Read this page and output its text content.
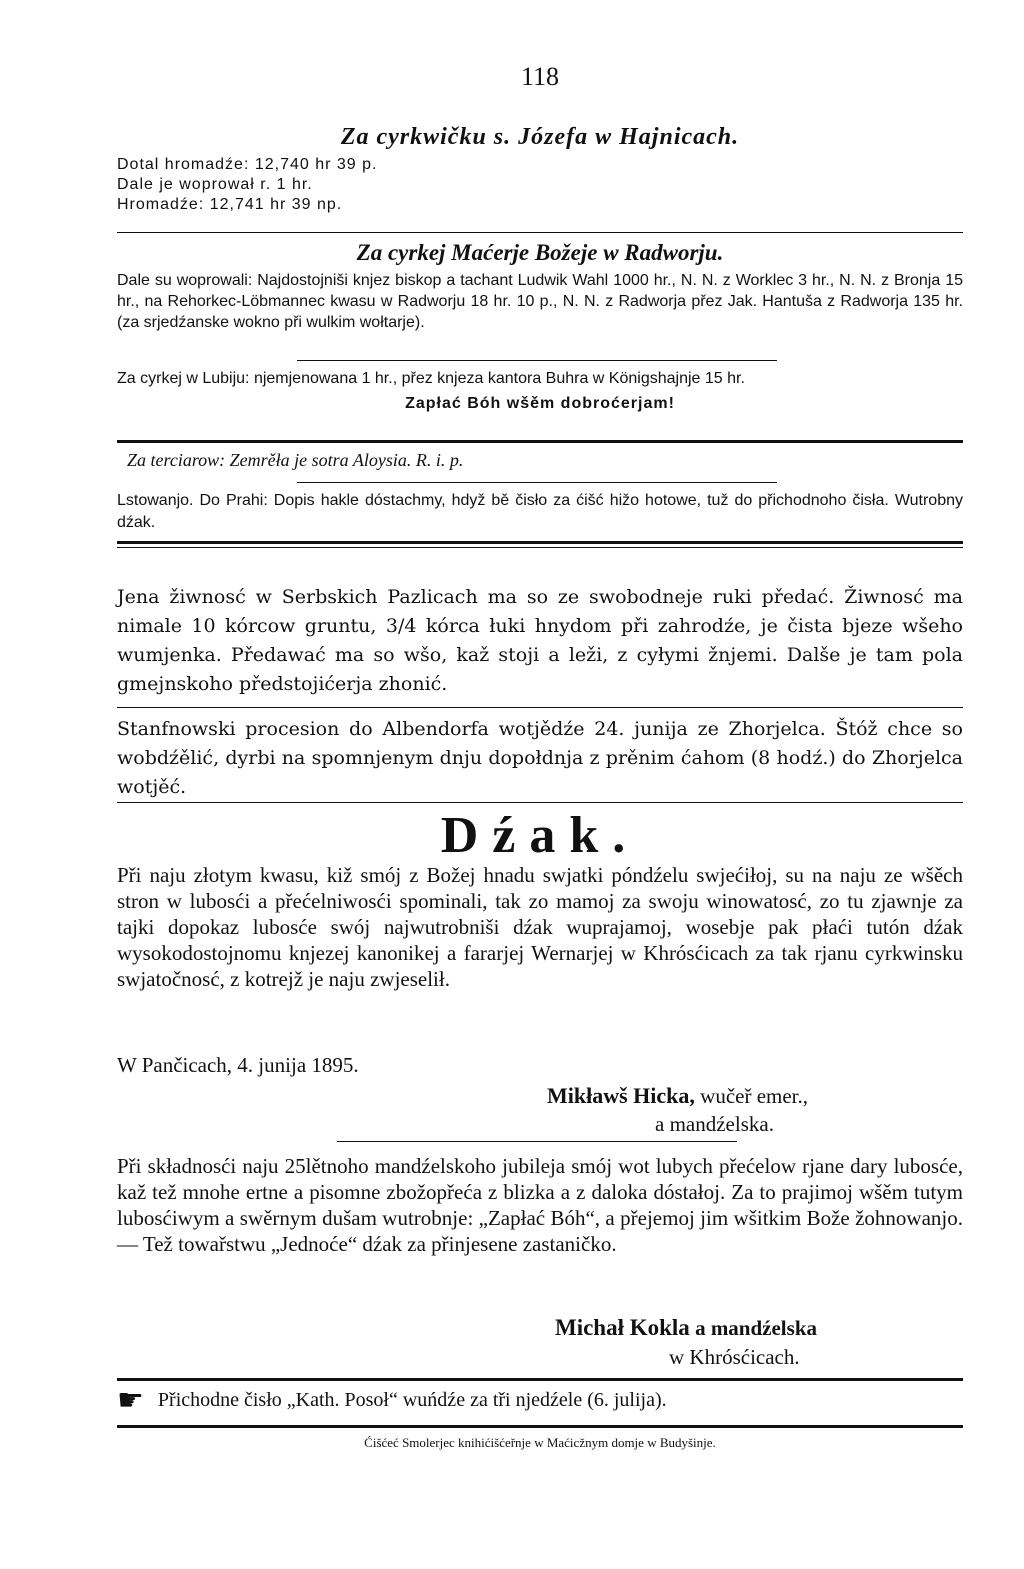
118
Za cyrkwičku s. Józefa w Hajnicach.
Dotal hromadźe: 12,740 hr 39 p.
Dale je woprował r. 1 hr.
Hromadźe: 12,741 hr 39 np.
Za cyrkej Maćerje Božeje w Radworju.
Dale su woprowali: Najdostojniši knjez biskop a tachant Ludwik Wahl 1000 hr., N. N. z Worklec 3 hr., N. N. z Bronja 15 hr., na Rehorkec-Löbmannec kwasu w Radworju 18 hr. 10 p., N. N. z Radworja přez Jak. Hantuša z Radworja 135 hr. (za srjedźanske wokno při wulkim wołtarje).
Za cyrkej w Lubiju: njemjenowana 1 hr., přez knjeza kantora Buhra w Königshajnje 15 hr.
Zapłać Bóh wšěm dobroćerjam!
Za terciarow: Zemrěła je sotra Aloysia. R. i. p.
Lstowanjo. Do Prahi: Dopis hakle dóstachmy, hdyž bě čisło za ćišć hižo hotowe, tuž do přichodnoho čisła. Wutrobny dźak.
Jena žiwnosć w Serbskich Pazlicach ma so ze swobodneje ruki předać. Žiwnosć ma nimale 10 kórcow gruntu, 3/4 kórca łuki hnydom při zahrodźe, je čista bjeze wšeho wumjenka. Předawać ma so wšo, kaž stoji a leži, z cyłymi žnjemi. Dalše je tam pola gmejnskoho předstojićerja zhonić.
Stanfnowski procesion do Albendorfa wotjědźe 24. junija ze Zhorjelca. Štóž chce so wobdźělić, dyrbi na spomnjenym dnju dopołdnja z prěnim ćahom (8 hodź.) do Zhorjelca wotjěć.
Dźak.
Při naju złotym kwasu, kiž smój z Božej hnadu swjatki póndźelu swjećiłoj, su na naju ze wšěch stron w lubosći a přećelniwosći spominali, tak zo mamoj za swoju winowatosć, zo tu zjawnje za tajki dopokaz lubosće swój najwutrobniši dźak wuprajamoj, wosebje pak płaći tutón dźak wysokodostojnomu knjezej kanonikej a fararjej Wernarjej w Khrósćicach za tak rjanu cyrkwinsku swjatočnosć, z kotrejž je naju zwjeselił.
W Pančicach, 4. junija 1895.
Mikławš Hicka, wučeř emer.,
a mandźelska.
Při składnosći naju 25lětnoho mandźelskoho jubileja smój wot lubych přećelow rjane dary lubosće, kaž tež mnohe ertne a pisomne zbožopřeća z blizka a z daloka dóstałoj. Za to prajimoj wšěm tutym lubosćiwym a swěrnym dušam wutrobnje: „Zapłać Bóh“, a přejemoj jim wšitkim Bože žohnowanjo. — Tež towařstwu „Jednoće“ dźak za přinjesene zastaničko.
Michał Kokla a mandźelska
w Khrósćicach.
☛ Přichodne čisło „Kath. Posoł“ wuńdźe za tři njedźele (6. julija).
Ćišćeć Smolerjec knihićišćeřnje w Maćicžnym domje w Budyšinje.
